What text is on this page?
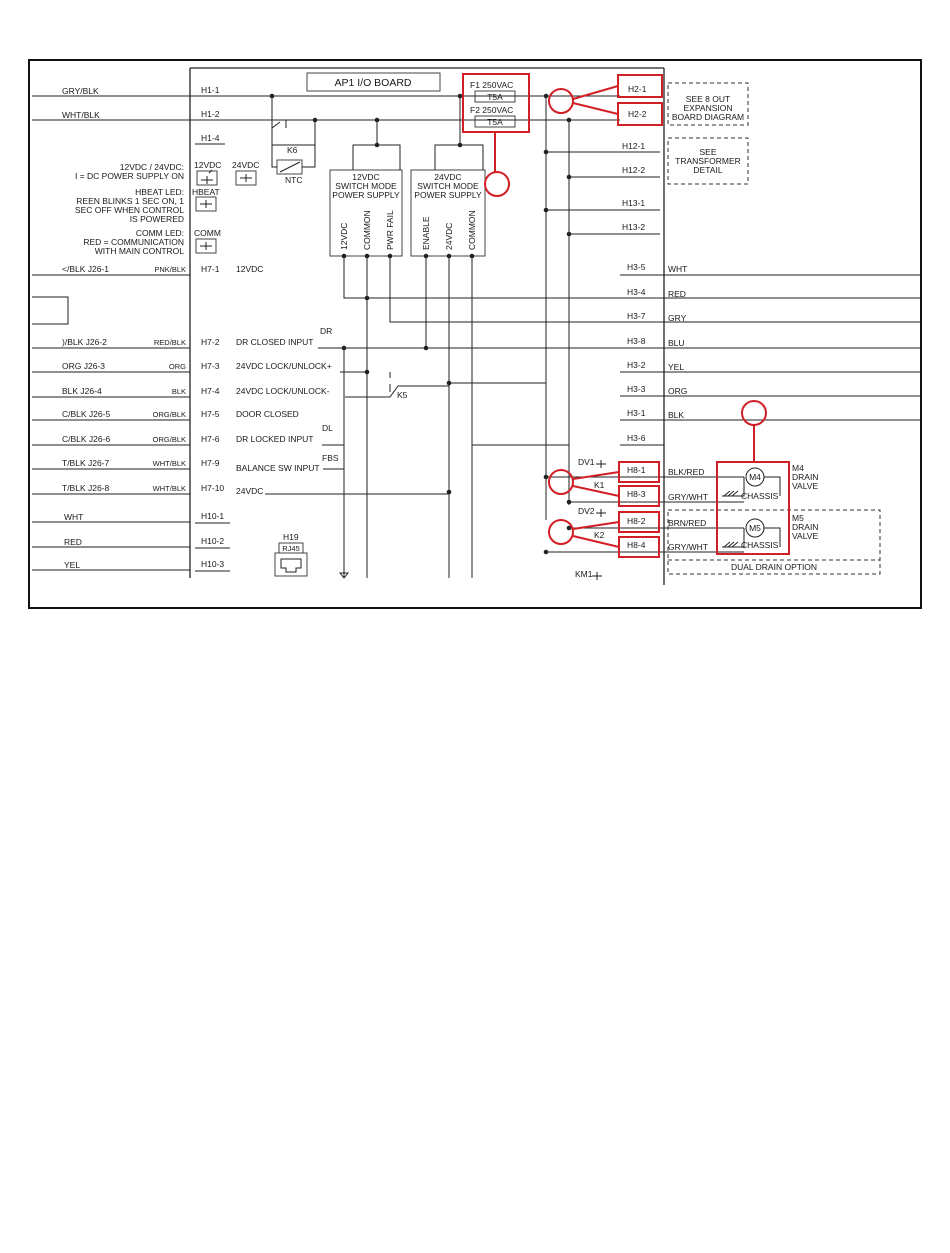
AP1 I/O BOARD	F1 250VAC
T5A
F2 250VAC
T5A
GRY/BLK
WHT/BLK
12VDC / 24VDC:
I = DC POWER SUPPLY ON
HBEAT LED:
REEN BLINKS 1 SEC ON, 1
SEC OFF WHEN CONTROL
IS POWERED
COMM LED:
RED = COMMUNICATION
WITH MAIN CONTROL
12VDC 24VDC
HBEAT
COMM
K6
NTC	12VDC
SWITCH MODE
POWER SUPPLY
12VDC COMMON PWR FAIL
24VDC
SWITCH MODE
POWER SUPPLY
ENABLE 24VDC COMMON
</BLK J26-1
)/BLK J26-2
ORG J26-3
BLK J26-4
C/BLK J26-5
C/BLK J26-6
T/BLK J26-7
T/BLK J26-8
WHT
RED
YEL
PNK/BLK
RED/BLK
ORG
BLK
ORG/BLK
ORG/BLK
WHT/BLK
WHT/BLK
H1-1
H1-2
H1-4
H7-1
H7-2
H7-3
H7-4
H7-5
H7-6
H7-9
H7-10
H10-1
H10-2
H10-3
12VDC
DR CLOSED INPUT
24VDC LOCK/UNLOCK+
24VDC LOCK/UNLOCK-
DOOR CLOSED
DR LOCKED INPUT
BALANCE SW INPUT
24VDC
DR
DL
FBS
K5
H19
RJ45
H2-1
H2-2
H12-1
H12-2
H13-1
H13-2
H3-5
H3-4
H3-7
H3-8
H3-2
H3-3
H3-1
H3-6
H8-1
H8-3
H8-2
H8-4
WHT
RED
GRY
BLU
YEL
ORG
BLK
BLK/RED
GRY/WHT
BRN/RED
GRY/WHT
SEE 8 OUT
EXPANSION
BOARD DIAGRAM
SEE
TRANSFORMER
DETAIL
DUAL DRAIN OPTION
DV1
K1
DV2
K2
KM1
M4
CHASSIS
M4
DRAIN
VALVE
M5
CHASSIS
M5
DRAIN
VALVE
